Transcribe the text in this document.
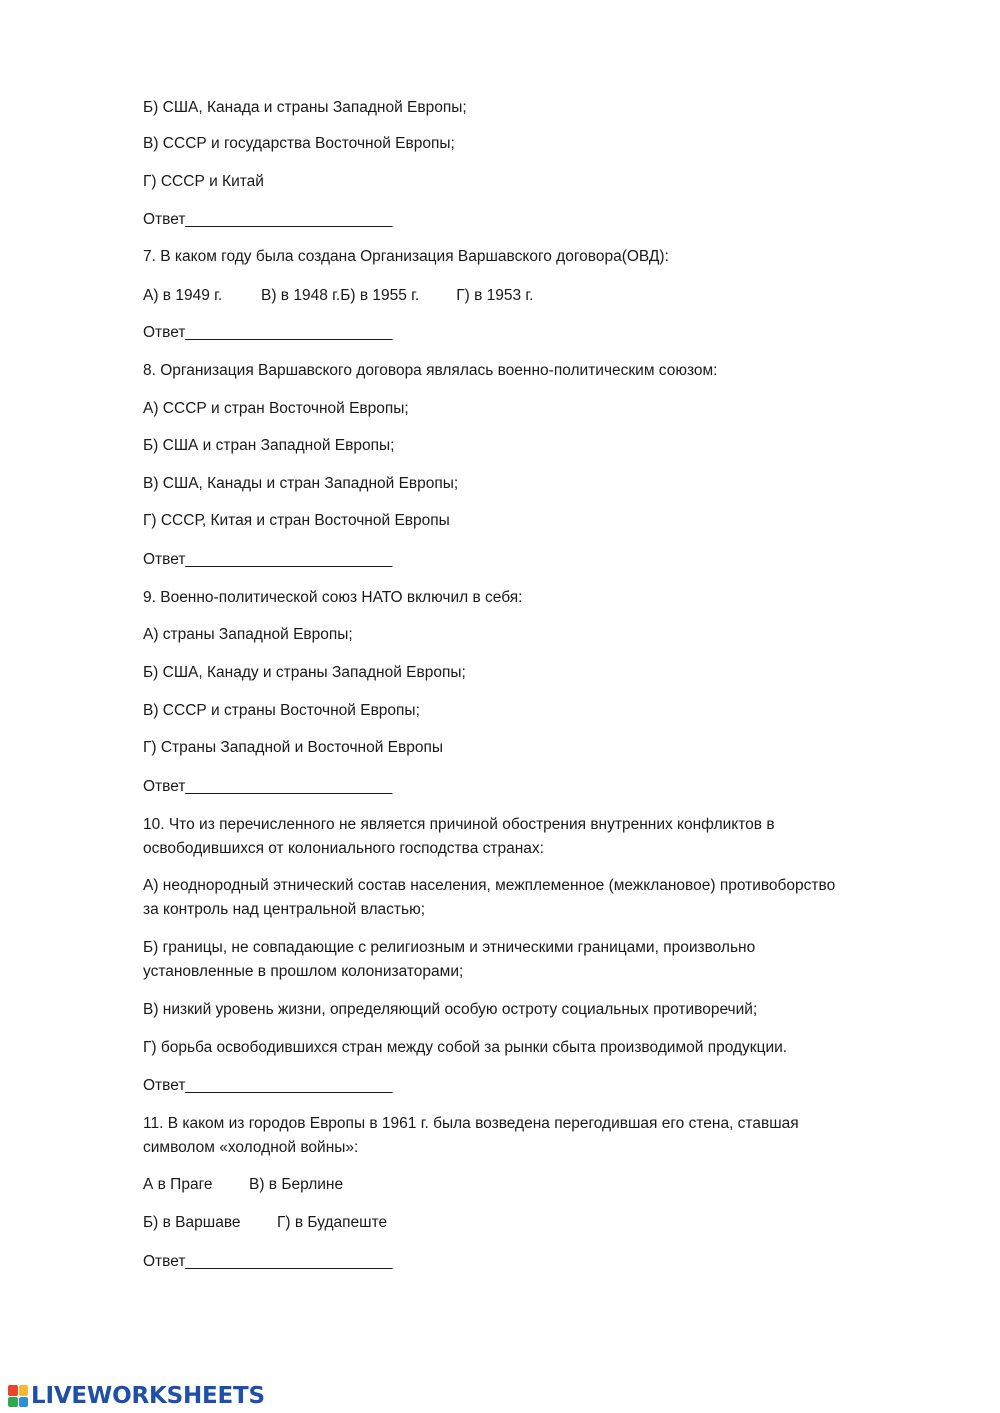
Б) США, Канада и страны Западной Европы;
В) СССР и государства Восточной Европы;
Г) СССР и Китай
Ответ________________________
7. В каком году была создана Организация Варшавского договора(ОВД):
А) в 1949 г.	В) в 1948 г.Б) в 1955 г. Г) в 1953 г.
Ответ________________________
8. Организация Варшавского договора являлась военно-политическим союзом:
А) СССР и стран Восточной Европы;
Б) США и стран Западной Европы;
В) США, Канады и стран Западной Европы;
Г) СССР, Китая и стран Восточной Европы
Ответ________________________
9. Военно-политической союз НАТО включил в себя:
А) страны Западной Европы;
Б) США, Канаду и страны Западной Европы;
В) СССР и страны Восточной Европы;
Г) Страны Западной и Восточной Европы
Ответ________________________
10. Что из перечисленного не является причиной обострения внутренних конфликтов в
освободившихся от колониального господства странах:
А) неоднородный этнический состав населения, межплеменное (межклановое) противоборство
за контроль над центральной властью;
Б) границы, не совпадающие с религиозным и этническими границами, произвольно
установленные в прошлом колонизаторами;
В) низкий уровень жизни, определяющий особую остроту социальных противоречий;
Г) борьба освободившихся стран между собой за рынки сбыта производимой продукции.
Ответ________________________
11. В каком из городов Европы в 1961 г. была возведена перегодившая его стена, ставшая
символом «холодной войны»:
А в Праге В) в Берлине
Б) в Варшаве Г) в Будапеште
Ответ________________________
LIVEWORKSHEETS
